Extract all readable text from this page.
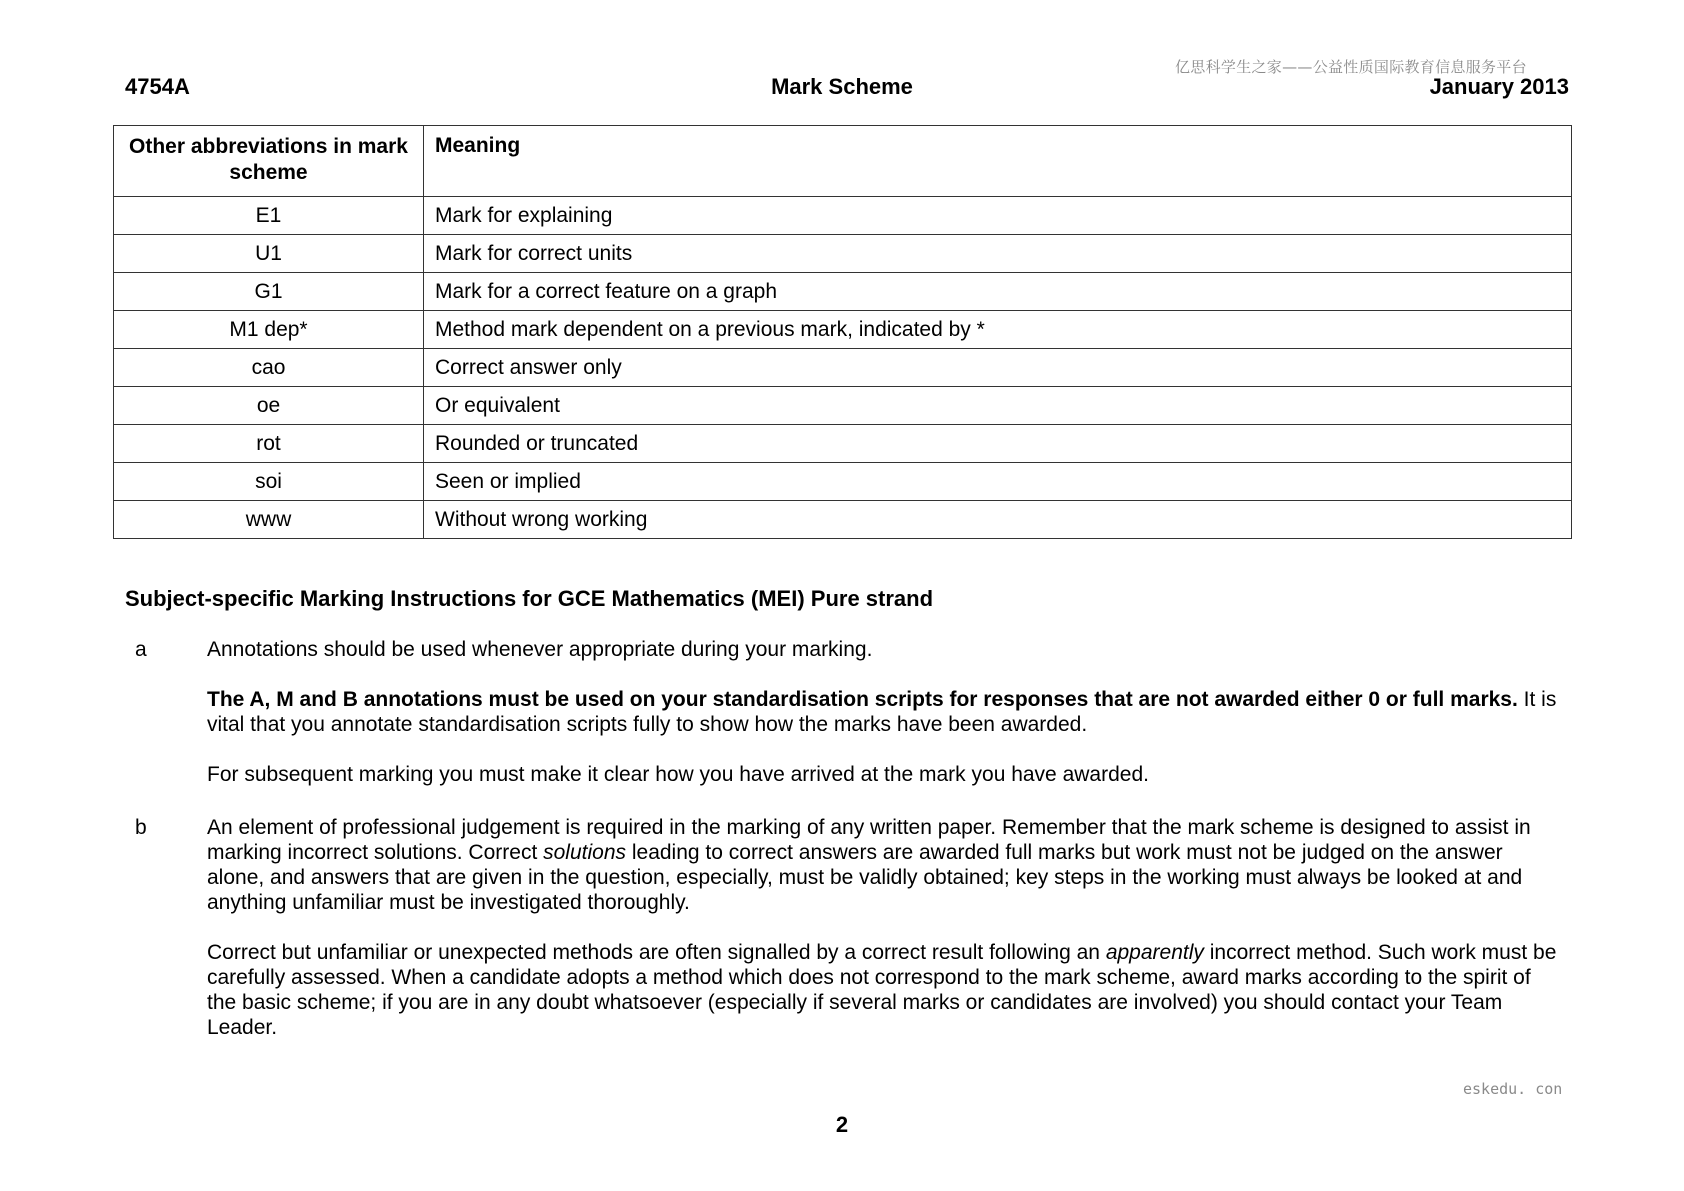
亿思科学生之家——公益性质国际教育信息服务平台
4754A	Mark Scheme	January 2013
Other abbreviations in mark scheme	Meaning
E1	Mark for explaining
U1	Mark for correct units
G1	Mark for a correct feature on a graph
M1 dep*	Method mark dependent on a previous mark, indicated by *
cao	Correct answer only
oe	Or equivalent
rot	Rounded or truncated
soi	Seen or implied
www	Without wrong working
Subject-specific Marking Instructions for GCE Mathematics (MEI) Pure strand
a	Annotations should be used whenever appropriate during your marking.

The A, M and B annotations must be used on your standardisation scripts for responses that are not awarded either 0 or full marks. It is vital that you annotate standardisation scripts fully to show how the marks have been awarded.

For subsequent marking you must make it clear how you have arrived at the mark you have awarded.

b	An element of professional judgement is required in the marking of any written paper. Remember that the mark scheme is designed to assist in marking incorrect solutions. Correct solutions leading to correct answers are awarded full marks but work must not be judged on the answer alone, and answers that are given in the question, especially, must be validly obtained; key steps in the working must always be looked at and anything unfamiliar must be investigated thoroughly.

Correct but unfamiliar or unexpected methods are often signalled by a correct result following an apparently incorrect method. Such work must be carefully assessed. When a candidate adopts a method which does not correspond to the mark scheme, award marks according to the spirit of the basic scheme; if you are in any doubt whatsoever (especially if several marks or candidates are involved) you should contact your Team Leader.

eskedu. con
2
